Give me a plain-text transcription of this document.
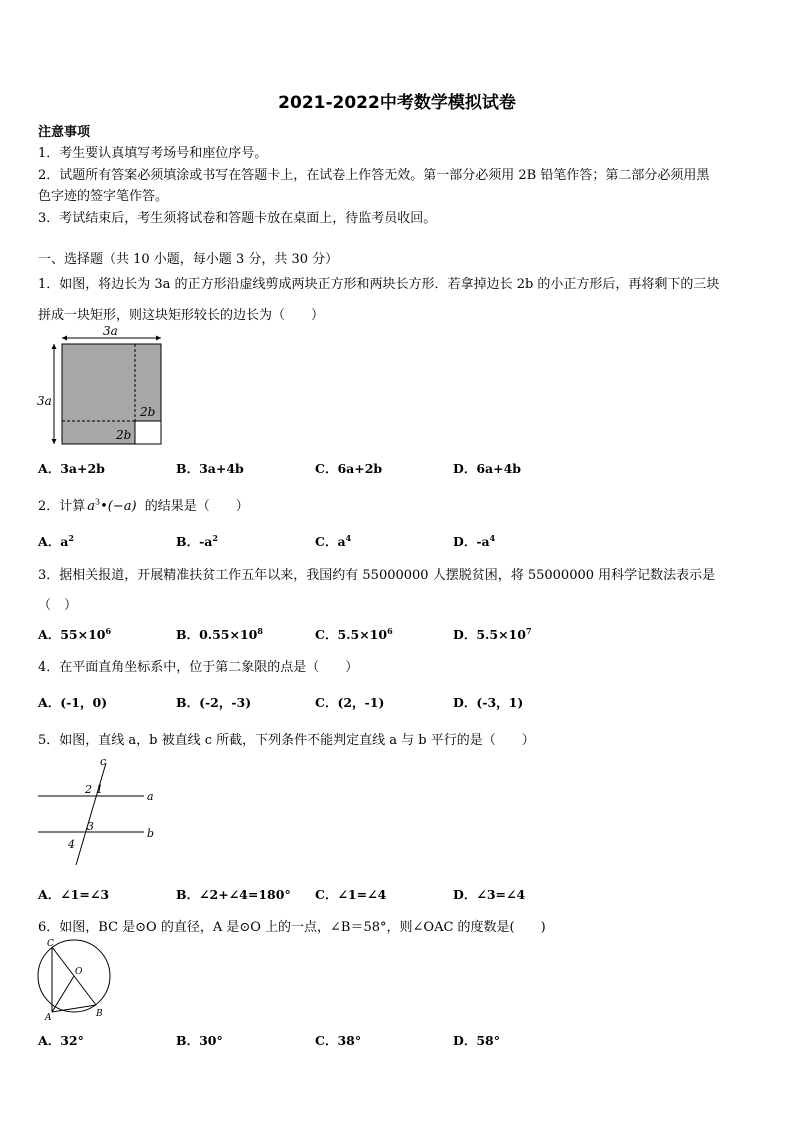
2021-2022中考数学模拟试卷
注意事项
1．考生要认真填写考场号和座位序号。
2．试题所有答案必须填涂或书写在答题卡上，在试卷上作答无效。第一部分必须用 2B 铅笔作答；第二部分必须用黑
色字迹的签字笔作答。
3．考试结束后，考生须将试卷和答题卡放在桌面上，待监考员收回。
一、选择题（共 10 小题，每小题 3 分，共 30 分）
1．如图，将边长为 3a 的正方形沿虚线剪成两块正方形和两块长方形．若拿掉边长 2b 的小正方形后，再将剩下的三块
拼成一块矩形，则这块矩形较长的边长为（　　）
3a
3a
2b
2b
A．3a+2b	B．3a+4b	C．6a+2b	D．6a+4b
2．计算 $a^3•(-a)$ 的结果是（　　）
A．$a^2$	B．$-a^2$	C．$a^4$	D．$-a^4$
3．据相关报道，开展精准扶贫工作五年以来，我国约有 55000000 人摆脱贫困，将 55000000 用科学记数法表示是
（　）
A．$55\times 10^6$	B．$0.55\times 10^8$	C．$5.5\times 10^6$	D．$5.5\times 10^7$
4．在平面直角坐标系中，位于第二象限的点是（　　）
A．(-1，0)	B．(-2，-3)	C．(2，-1)	D．(-3，1)
5．如图，直线 a，b 被直线 c 所截，下列条件不能判定直线 a 与 b 平行的是（　　）
c
a
b
2 1
3
4
A．∠1=∠3	B．∠2+∠4=180° C．∠1=∠4	D．∠3=∠4
6．如图，BC 是⊙O 的直径，A 是⊙O 上的一点，∠B＝58°，则∠OAC 的度数是(　　)
C
O
A	B
A．32°	B．30°	C．38°	D．58°
